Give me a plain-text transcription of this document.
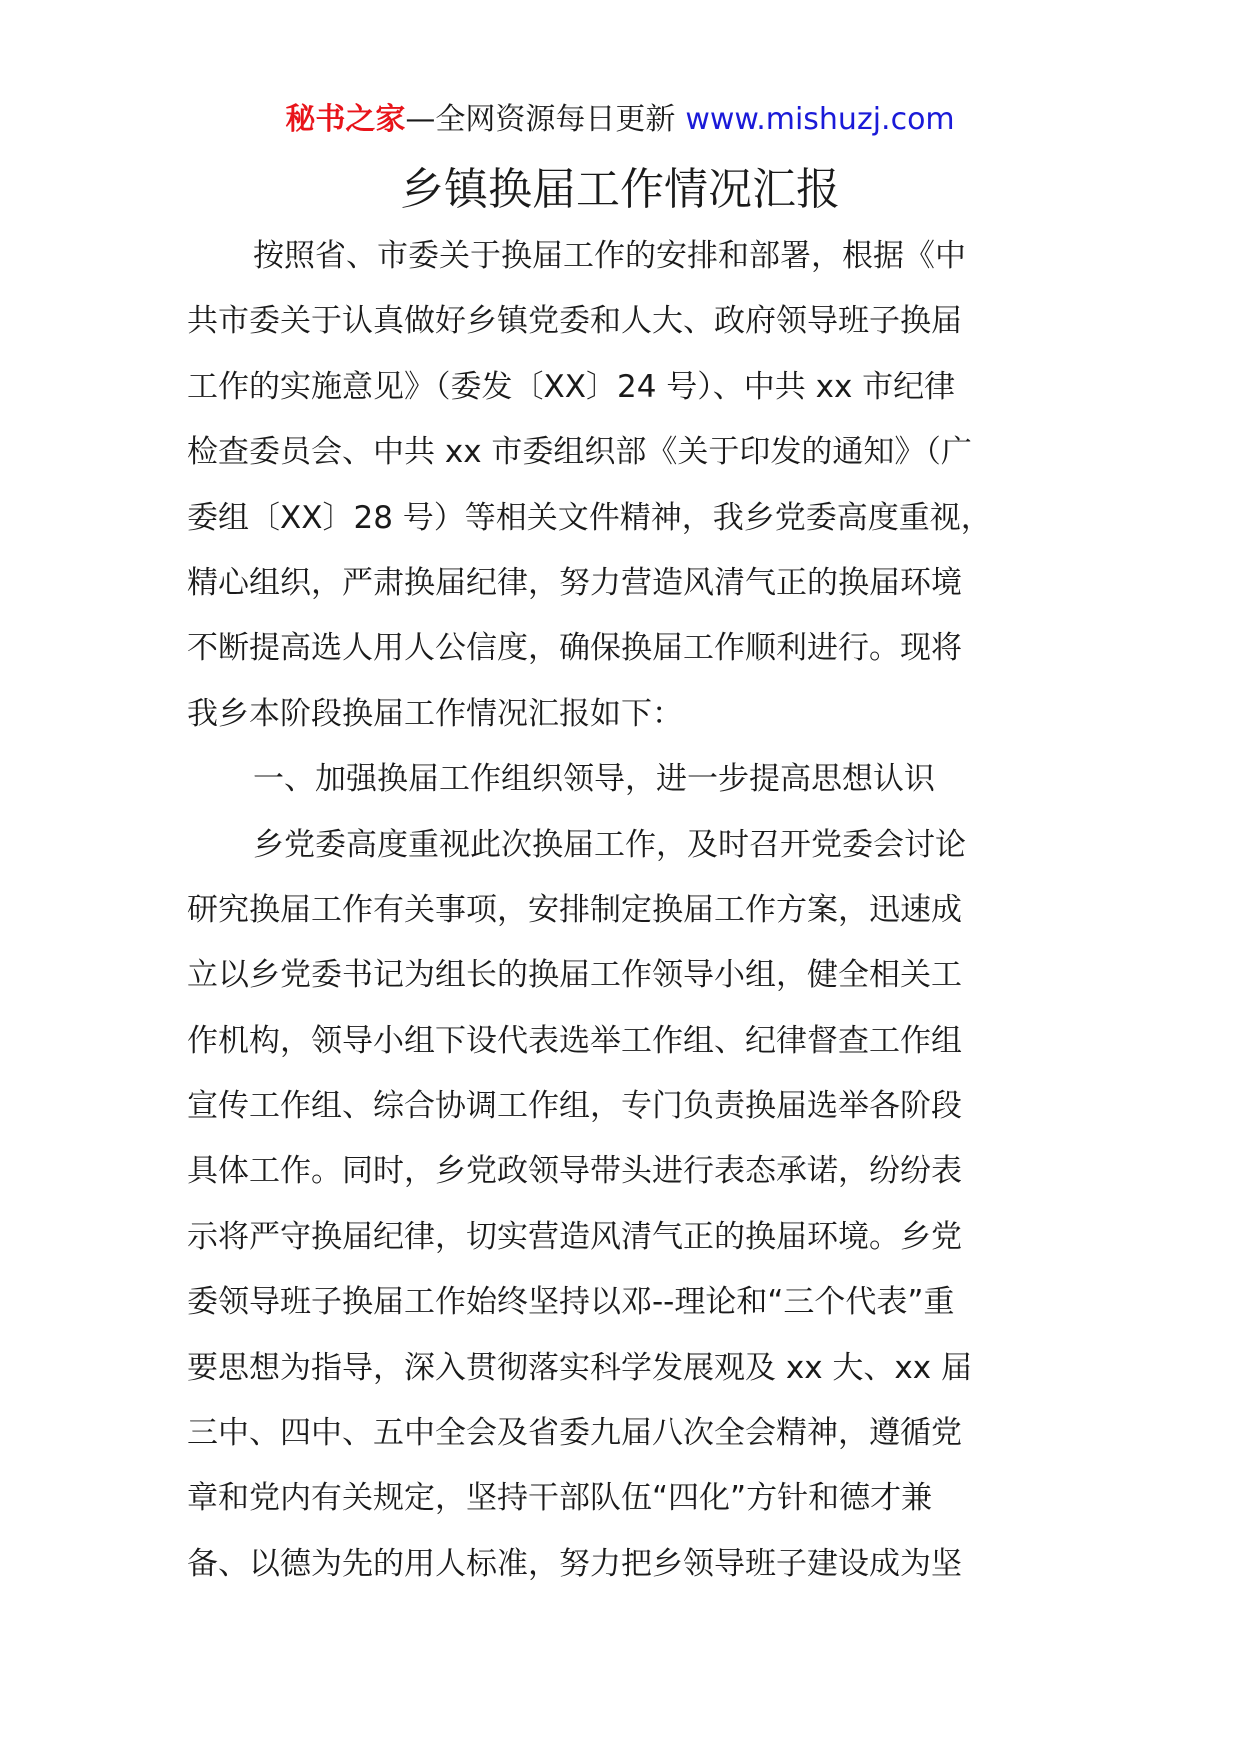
秘书之家—全网资源每日更新 www.mishuzj.com
乡镇换届工作情况汇报
按照省、市委关于换届工作的安排和部署，根据《中
共市委关于认真做好乡镇党委和人大、政府领导班子换届
工作的实施意见》（委发〔XX〕24 号）、中共 xx 市纪律
检查委员会、中共 xx 市委组织部《关于印发的通知》（广
委组〔XX〕28 号）等相关文件精神，我乡党委高度重视，
精心组织，严肃换届纪律，努力营造风清气正的换届环境
不断提高选人用人公信度，确保换届工作顺利进行。现将
我乡本阶段换届工作情况汇报如下：
一、加强换届工作组织领导，进一步提高思想认识
乡党委高度重视此次换届工作，及时召开党委会讨论
研究换届工作有关事项，安排制定换届工作方案，迅速成
立以乡党委书记为组长的换届工作领导小组，健全相关工
作机构，领导小组下设代表选举工作组、纪律督查工作组
宣传工作组、综合协调工作组，专门负责换届选举各阶段
具体工作。同时，乡党政领导带头进行表态承诺，纷纷表
示将严守换届纪律，切实营造风清气正的换届环境。乡党
委领导班子换届工作始终坚持以邓--理论和“三个代表”重
要思想为指导，深入贯彻落实科学发展观及 xx 大、xx 届
三中、四中、五中全会及省委九届八次全会精神，遵循党
章和党内有关规定，坚持干部队伍“四化”方针和德才兼
备、以德为先的用人标准，努力把乡领导班子建设成为坚
